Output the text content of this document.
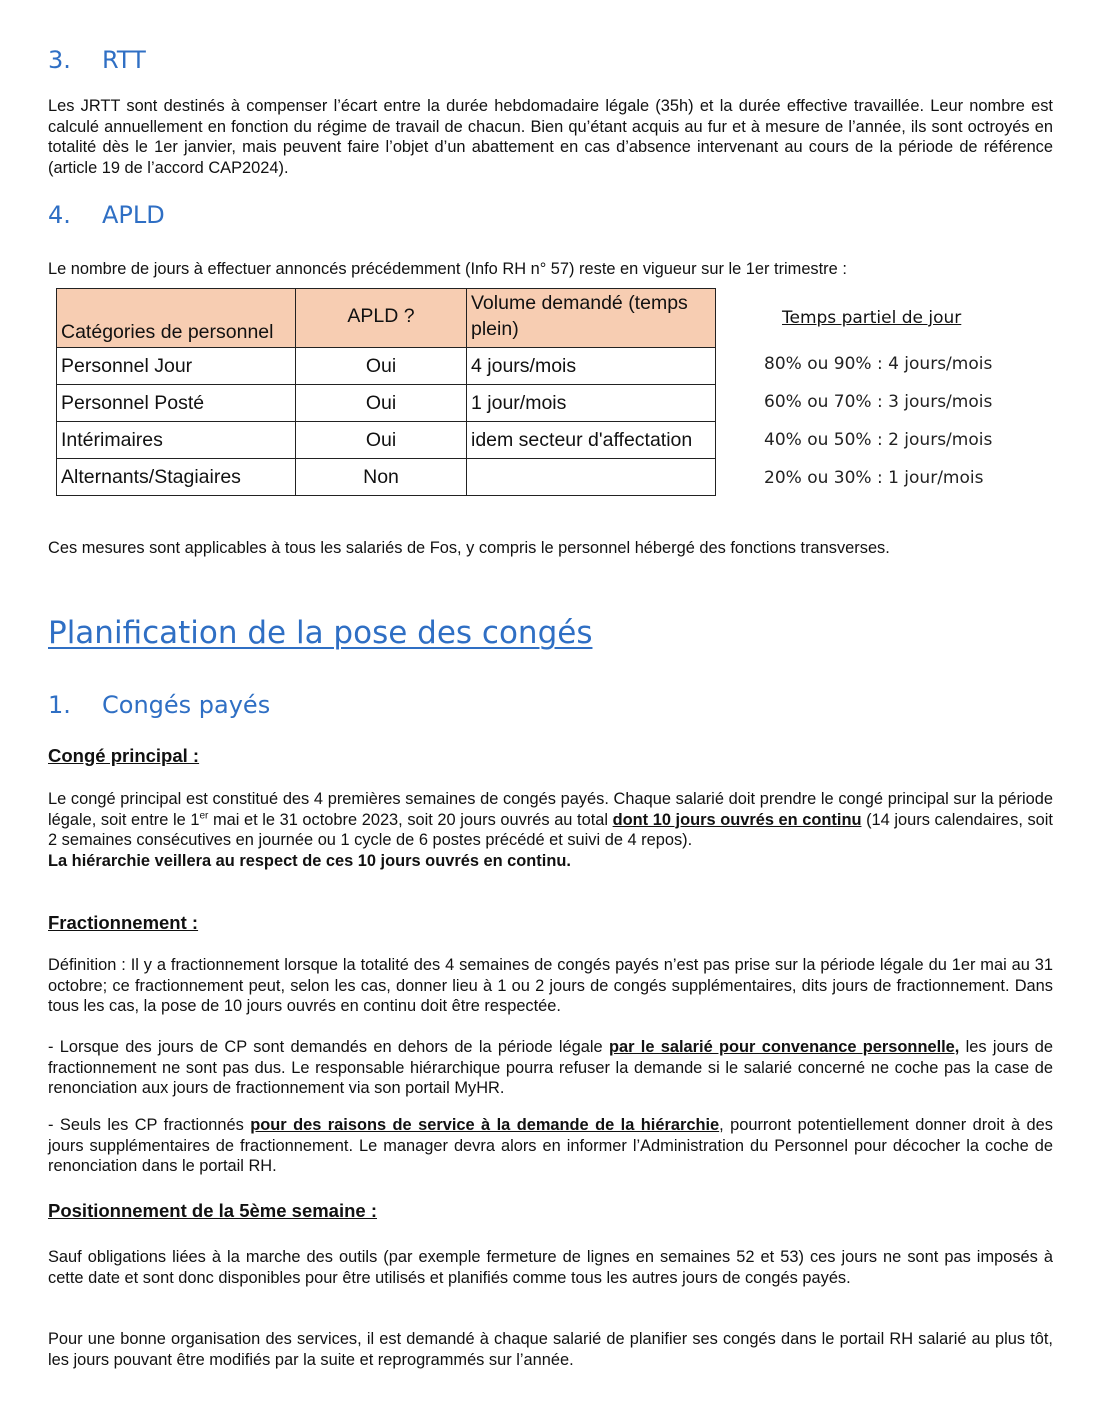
3. RTT

Les JRTT sont destinés à compenser l’écart entre la durée hebdomadaire légale (35h) et la durée effective travaillée. Leur nombre est calculé annuellement en fonction du régime de travail de chacun. Bien qu’étant acquis au fur et à mesure de l’année, ils sont octroyés en totalité dès le 1er janvier, mais peuvent faire l’objet d’un abattement en cas d’absence intervenant au cours de la période de référence (article 19 de l’accord CAP2024).

4. APLD

Le nombre de jours à effectuer annoncés précédemment (Info RH n° 57) reste en vigueur sur le 1er trimestre :

Catégories de personnel	APLD ?	Volume demandé (temps plein)
Personnel Jour	Oui	4 jours/mois
Personnel Posté	Oui	1 jour/mois
Intérimaires	Oui	idem secteur d'affectation
Alternants/Stagiaires	Non	

Temps partiel de jour

80% ou 90% : 4 jours/mois

60% ou 70% : 3 jours/mois

40% ou 50% : 2 jours/mois

20% ou 30% : 1 jour/mois

Ces mesures sont applicables à tous les salariés de Fos, y compris le personnel hébergé des fonctions transverses.

Planification de la pose des congés
1. Congés payés

Congé principal :

Le congé principal est constitué des 4 premières semaines de congés payés. Chaque salarié doit prendre le congé principal sur la période légale, soit entre le 1er mai et le 31 octobre 2023, soit 20 jours ouvrés au total dont 10 jours ouvrés en continu (14 jours calendaires, soit 2 semaines consécutives en journée ou 1 cycle de 6 postes précédé et suivi de 4 repos).
La hiérarchie veillera au respect de ces 10 jours ouvrés en continu.

Fractionnement :

Définition : Il y a fractionnement lorsque la totalité des 4 semaines de congés payés n’est pas prise sur la période légale du 1er mai au 31 octobre; ce fractionnement peut, selon les cas, donner lieu à 1 ou 2 jours de congés supplémentaires, dits jours de fractionnement. Dans tous les cas, la pose de 10 jours ouvrés en continu doit être respectée.

- Lorsque des jours de CP sont demandés en dehors de la période légale par le salarié pour convenance personnelle, les jours de fractionnement ne sont pas dus. Le responsable hiérarchique pourra refuser la demande si le salarié concerné ne coche pas la case de renonciation aux jours de fractionnement via son portail MyHR.

- Seuls les CP fractionnés pour des raisons de service à la demande de la hiérarchie, pourront potentiellement donner droit à des jours supplémentaires de fractionnement. Le manager devra alors en informer l’Administration du Personnel pour décocher la coche de renonciation dans le portail RH.

Positionnement de la 5ème semaine :

Sauf obligations liées à la marche des outils (par exemple fermeture de lignes en semaines 52 et 53) ces jours ne sont pas imposés à cette date et sont donc disponibles pour être utilisés et planifiés comme tous les autres jours de congés payés.

Pour une bonne organisation des services, il est demandé à chaque salarié de planifier ses congés dans le portail RH salarié au plus tôt, les jours pouvant être modifiés par la suite et reprogrammés sur l’année.
